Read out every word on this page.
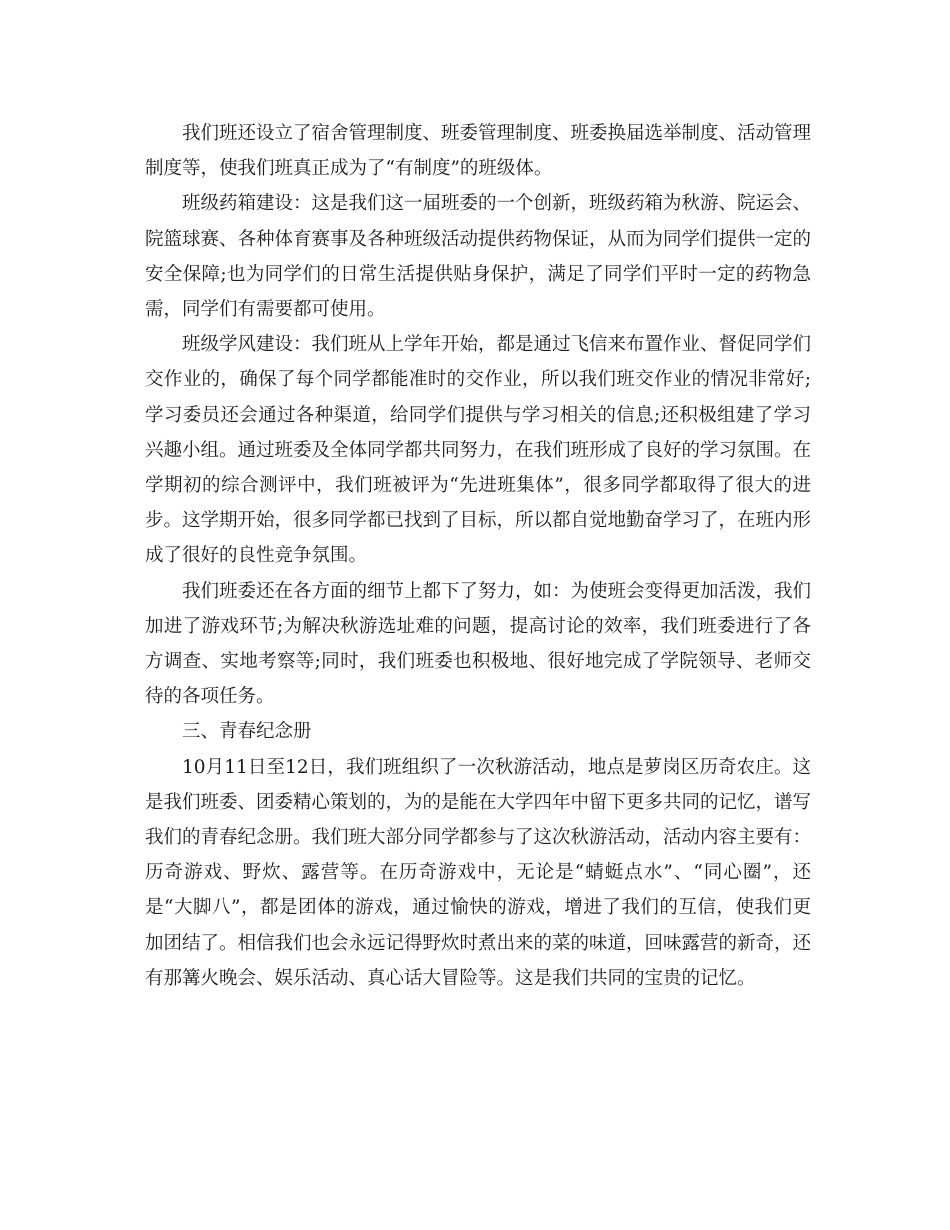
我们班还设立了宿舍管理制度、班委管理制度、班委换届选举制度、活动管理制度等，使我们班真正成为了“有制度”的班级体。

班级药箱建设：这是我们这一届班委的一个创新，班级药箱为秋游、院运会、院篮球赛、各种体育赛事及各种班级活动提供药物保证，从而为同学们提供一定的安全保障;也为同学们的日常生活提供贴身保护，满足了同学们平时一定的药物急需，同学们有需要都可使用。

班级学风建设：我们班从上学年开始，都是通过飞信来布置作业、督促同学们交作业的，确保了每个同学都能准时的交作业，所以我们班交作业的情况非常好;学习委员还会通过各种渠道，给同学们提供与学习相关的信息;还积极组建了学习兴趣小组。通过班委及全体同学都共同努力，在我们班形成了良好的学习氛围。在学期初的综合测评中，我们班被评为“先进班集体”，很多同学都取得了很大的进步。这学期开始，很多同学都已找到了目标，所以都自觉地勤奋学习了，在班内形成了很好的良性竞争氛围。

我们班委还在各方面的细节上都下了努力，如：为使班会变得更加活泼，我们加进了游戏环节;为解决秋游选址难的问题，提高讨论的效率，我们班委进行了各方调查、实地考察等;同时，我们班委也积极地、很好地完成了学院领导、老师交待的各项任务。

三、青春纪念册

10月11日至12日，我们班组织了一次秋游活动，地点是萝岗区历奇农庄。这是我们班委、团委精心策划的，为的是能在大学四年中留下更多共同的记忆，谱写我们的青春纪念册。我们班大部分同学都参与了这次秋游活动，活动内容主要有：历奇游戏、野炊、露营等。在历奇游戏中，无论是“蜻蜓点水”、“同心圈”，还是“大脚八”，都是团体的游戏，通过愉快的游戏，增进了我们的互信，使我们更加团结了。相信我们也会永远记得野炊时煮出来的菜的味道，回味露营的新奇，还有那篝火晚会、娱乐活动、真心话大冒险等。这是我们共同的宝贵的记忆。
